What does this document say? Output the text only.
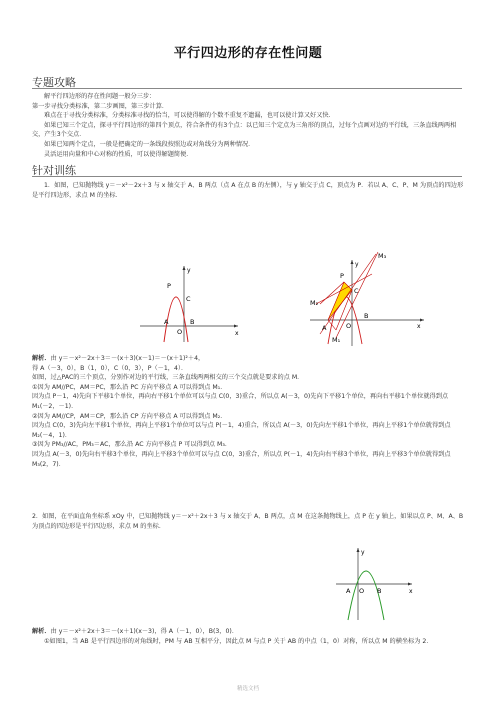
平行四边形的存在性问题
专题攻略

解平行四边形的存在性问题一般分三步：

第一步寻找分类标准，第二步画图，第三步计算．

难点在于寻找分类标准，分类标准寻找的恰当，可以使得解的个数不重复不遗漏，也可以使计算又好又快．

如果已知三个定点，探寻平行四边形的第四个顶点，符合条件的有3个点：以已知三个定点为三角形的顶点，过每个点画对边的平行线，三条直线两两相交，产生3个交点．

如果已知两个定点，一般是把确定的一条线段按照边或对角线分为两种情况．

灵活运用向量和中心对称的性质，可以使得解题简便．

针对训练

1．如图，已知抛物线 y＝－x²－2x＋3 与 x 轴交于 A、B 两点（点 A 在点 B 的左侧），与 y 轴交于点 C，顶点为 P．若以 A、C、P、M 为顶点的四边形是平行四边形，求点 M 的坐标．

x
y
P
C
A
O
B
x
y
M₃
P
C
M₂
A	O
B
M₁

解析．由 y＝－x²－2x＋3＝－(x＋3)(x－1)＝－(x＋1)²＋4，

得 A（－3，0），B（1，0），C（0，3），P（－1，4）．

如图，过△PAC的三个顶点，分别作对边的平行线，三条直线两两相交的三个交点就是要求的点 M．

①因为 AM//PC，AM＝PC，那么沿 PC 方向平移点 A 可以得到点 M₁．

因为点 P－1，4)先向下平移1个单位，再向右平移1个单位可以与点 C(0，3)重合，所以点 A(－3，0)先向下平移1个单位，再向右平移1个单位就得到点 M₁(－2，－1)．

②因为 AM//CP，AM＝CP，那么沿 CP 方向平移点 A 可以得到点 M₂．

因为点 C(0，3)先向左平移1个单位，再向上平移1个单位可以与点 P(－1，4)重合，所以点 A(－3，0)先向左平移1个单位，再向上平移1个单位就得到点 M₂(－4，1)．

③因为 PM₃//AC，PM₃＝AC，那么沿 AC 方向平移点 P 可以得到点 M₃．

因为点 A(－3，0)先向右平移3个单位，再向上平移3个单位可以与点 C(0，3)重合，所以点 P(－1，4)先向右平移3个单位，再向上平移3个单位就得到点 M₃(2，7)．

2．如图，在平面直角坐标系 xOy 中，已知抛物线 y＝－x²＋2x＋3 与 x 轴交于 A、B 两点，点 M 在这条抛物线上，点 P 在 y 轴上，如果以点 P、M、A、B 为顶点的四边形是平行四边形，求点 M 的坐标．

x
y
A O B

解析．由 y＝－x²＋2x＋3＝－(x＋1)(x－3)，得 A（－1，0），B(3，0)．

①如图1，当 AB 是平行四边形的对角线时，PM 与 AB 互相平分，因此点 M 与点 P 关于 AB 的中点（1，0）对称，所以点 M 的横坐标为 2．

精选文档
